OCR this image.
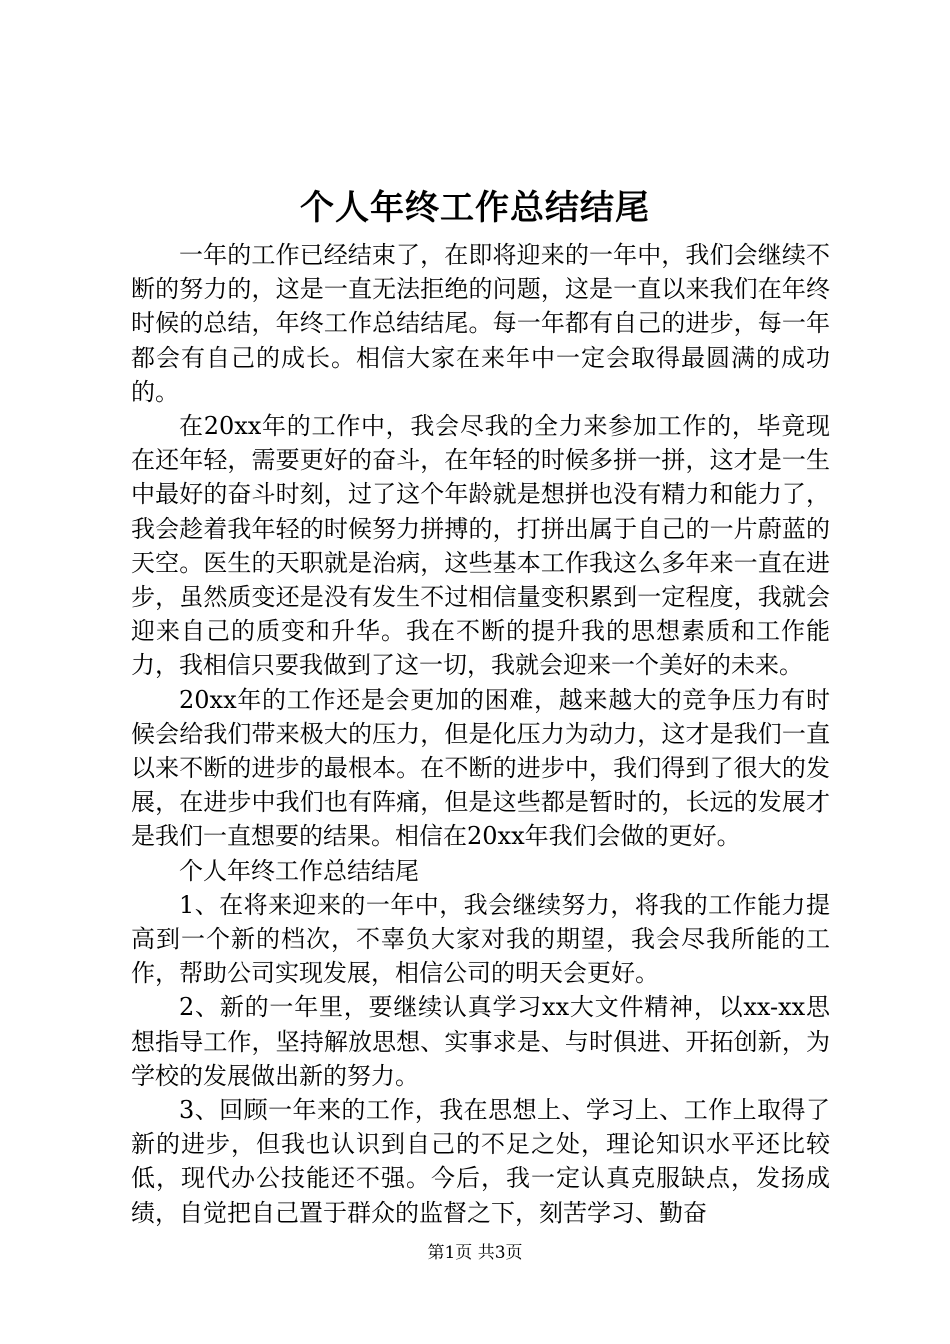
个人年终工作总结结尾

一年的工作已经结束了，在即将迎来的一年中，我们会继续不断的努力的，这是一直无法拒绝的问题，这是一直以来我们在年终时候的总结，年终工作总结结尾。每一年都有自己的进步，每一年都会有自己的成长。相信大家在来年中一定会取得最圆满的成功的。

在20xx年的工作中，我会尽我的全力来参加工作的，毕竟现在还年轻，需要更好的奋斗，在年轻的时候多拼一拼，这才是一生中最好的奋斗时刻，过了这个年龄就是想拼也没有精力和能力了，我会趁着我年轻的时候努力拼搏的，打拼出属于自己的一片蔚蓝的天空。医生的天职就是治病，这些基本工作我这么多年来一直在进步，虽然质变还是没有发生不过相信量变积累到一定程度，我就会迎来自己的质变和升华。我在不断的提升我的思想素质和工作能力，我相信只要我做到了这一切，我就会迎来一个美好的未来。

20xx年的工作还是会更加的困难，越来越大的竞争压力有时候会给我们带来极大的压力，但是化压力为动力，这才是我们一直以来不断的进步的最根本。在不断的进步中，我们得到了很大的发展，在进步中我们也有阵痛，但是这些都是暂时的，长远的发展才是我们一直想要的结果。相信在20xx年我们会做的更好。

个人年终工作总结结尾

1、在将来迎来的一年中，我会继续努力，将我的工作能力提高到一个新的档次，不辜负大家对我的期望，我会尽我所能的工作，帮助公司实现发展，相信公司的明天会更好。

2、新的一年里，要继续认真学习xx大文件精神，以xx-xx思想指导工作，坚持解放思想、实事求是、与时俱进、开拓创新，为学校的发展做出新的努力。

3、回顾一年来的工作，我在思想上、学习上、工作上取得了新的进步，但我也认识到自己的不足之处，理论知识水平还比较低，现代办公技能还不强。今后，我一定认真克服缺点，发扬成绩，自觉把自己置于群众的监督之下，刻苦学习、勤奋

第1页 共3页
